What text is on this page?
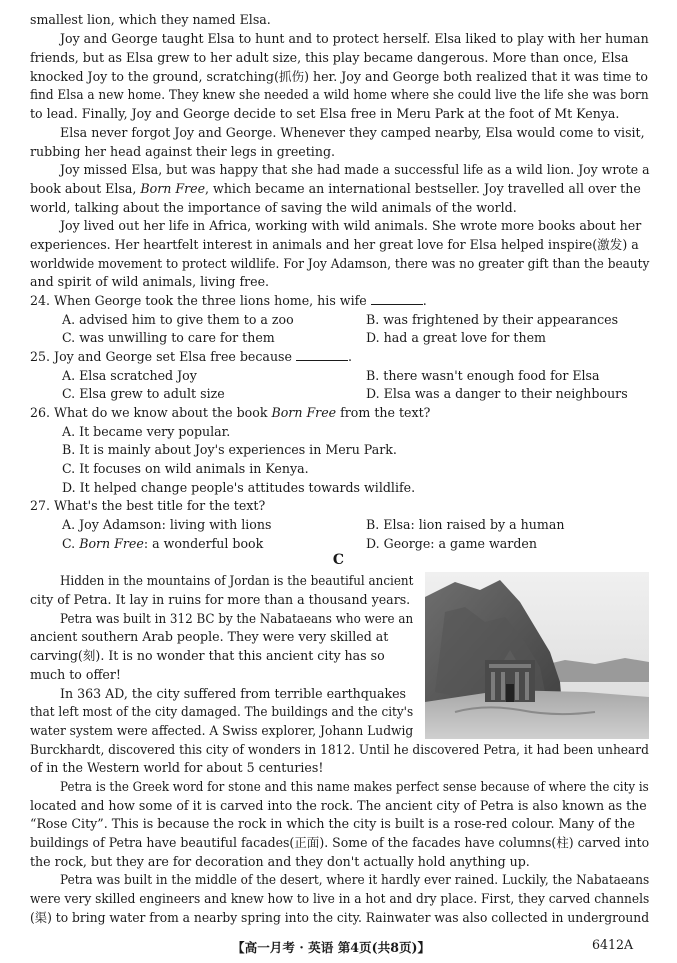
smallest lion, which they named Elsa.
Joy and George taught Elsa to hunt and to protect herself. Elsa liked to play with her human
friends, but as Elsa grew to her adult size, this play became dangerous. More than once, Elsa
knocked Joy to the ground, scratching(抓伤) her. Joy and George both realized that it was time to
find Elsa a new home. They knew she needed a wild home where she could live the life she was born
to lead. Finally, Joy and George decide to set Elsa free in Meru Park at the foot of Mt Kenya.
Elsa never forgot Joy and George. Whenever they camped nearby, Elsa would come to visit,
rubbing her head against their legs in greeting.
Joy missed Elsa, but was happy that she had made a successful life as a wild lion. Joy wrote a
book about Elsa, Born Free, which became an international bestseller. Joy travelled all over the
world, talking about the importance of saving the wild animals of the world.
Joy lived out her life in Africa, working with wild animals. She wrote more books about her
experiences. Her heartfelt interest in animals and her great love for Elsa helped inspire(激发) a
worldwide movement to protect wildlife. For Joy Adamson, there was no greater gift than the beauty
and spirit of wild animals, living free.
24. When George took the three lions home, his wife	.
A. advised him to give them to a zoo	B. was frightened by their appearances
C. was unwilling to care for them	D. had a great love for them
25. Joy and George set Elsa free because	.
A. Elsa scratched Joy	B. there wasn't enough food for Elsa
C. Elsa grew to adult size	D. Elsa was a danger to their neighbours
26. What do we know about the book Born Free from the text?
A. It became very popular.
B. It is mainly about Joy's experiences in Meru Park.
C. It focuses on wild animals in Kenya.
D. It helped change people's attitudes towards wildlife.
27. What's the best title for the text?
A. Joy Adamson: living with lions	B. Elsa: lion raised by a human
C. Born Free: a wonderful book	D. George: a game warden
C
Hidden in the mountains of Jordan is the beautiful ancient
city of Petra. It lay in ruins for more than a thousand years.
Petra was built in 312 BC by the Nabataeans who were an
ancient southern Arab people. They were very skilled at
carving(刻). It is no wonder that this ancient city has so
much to offer!
In 363 AD, the city suffered from terrible earthquakes
that left most of the city damaged. The buildings and the city's
water system were affected. A Swiss explorer, Johann Ludwig
Burckhardt, discovered this city of wonders in 1812. Until he discovered Petra, it had been unheard
of in the Western world for about 5 centuries!
Petra is the Greek word for stone and this name makes perfect sense because of where the city is
located and how some of it is carved into the rock. The ancient city of Petra is also known as the
“Rose City”. This is because the rock in which the city is built is a rose-red colour. Many of the
buildings of Petra have beautiful facades(正面). Some of the facades have columns(柱) carved into
the rock, but they are for decoration and they don't actually hold anything up.
Petra was built in the middle of the desert, where it hardly ever rained. Luckily, the Nabataeans
were very skilled engineers and knew how to live in a hot and dry place. First, they carved channels
(渠) to bring water from a nearby spring into the city. Rainwater was also collected in underground
【高一月考 · 英语 第4页(共8页)】	6412A
